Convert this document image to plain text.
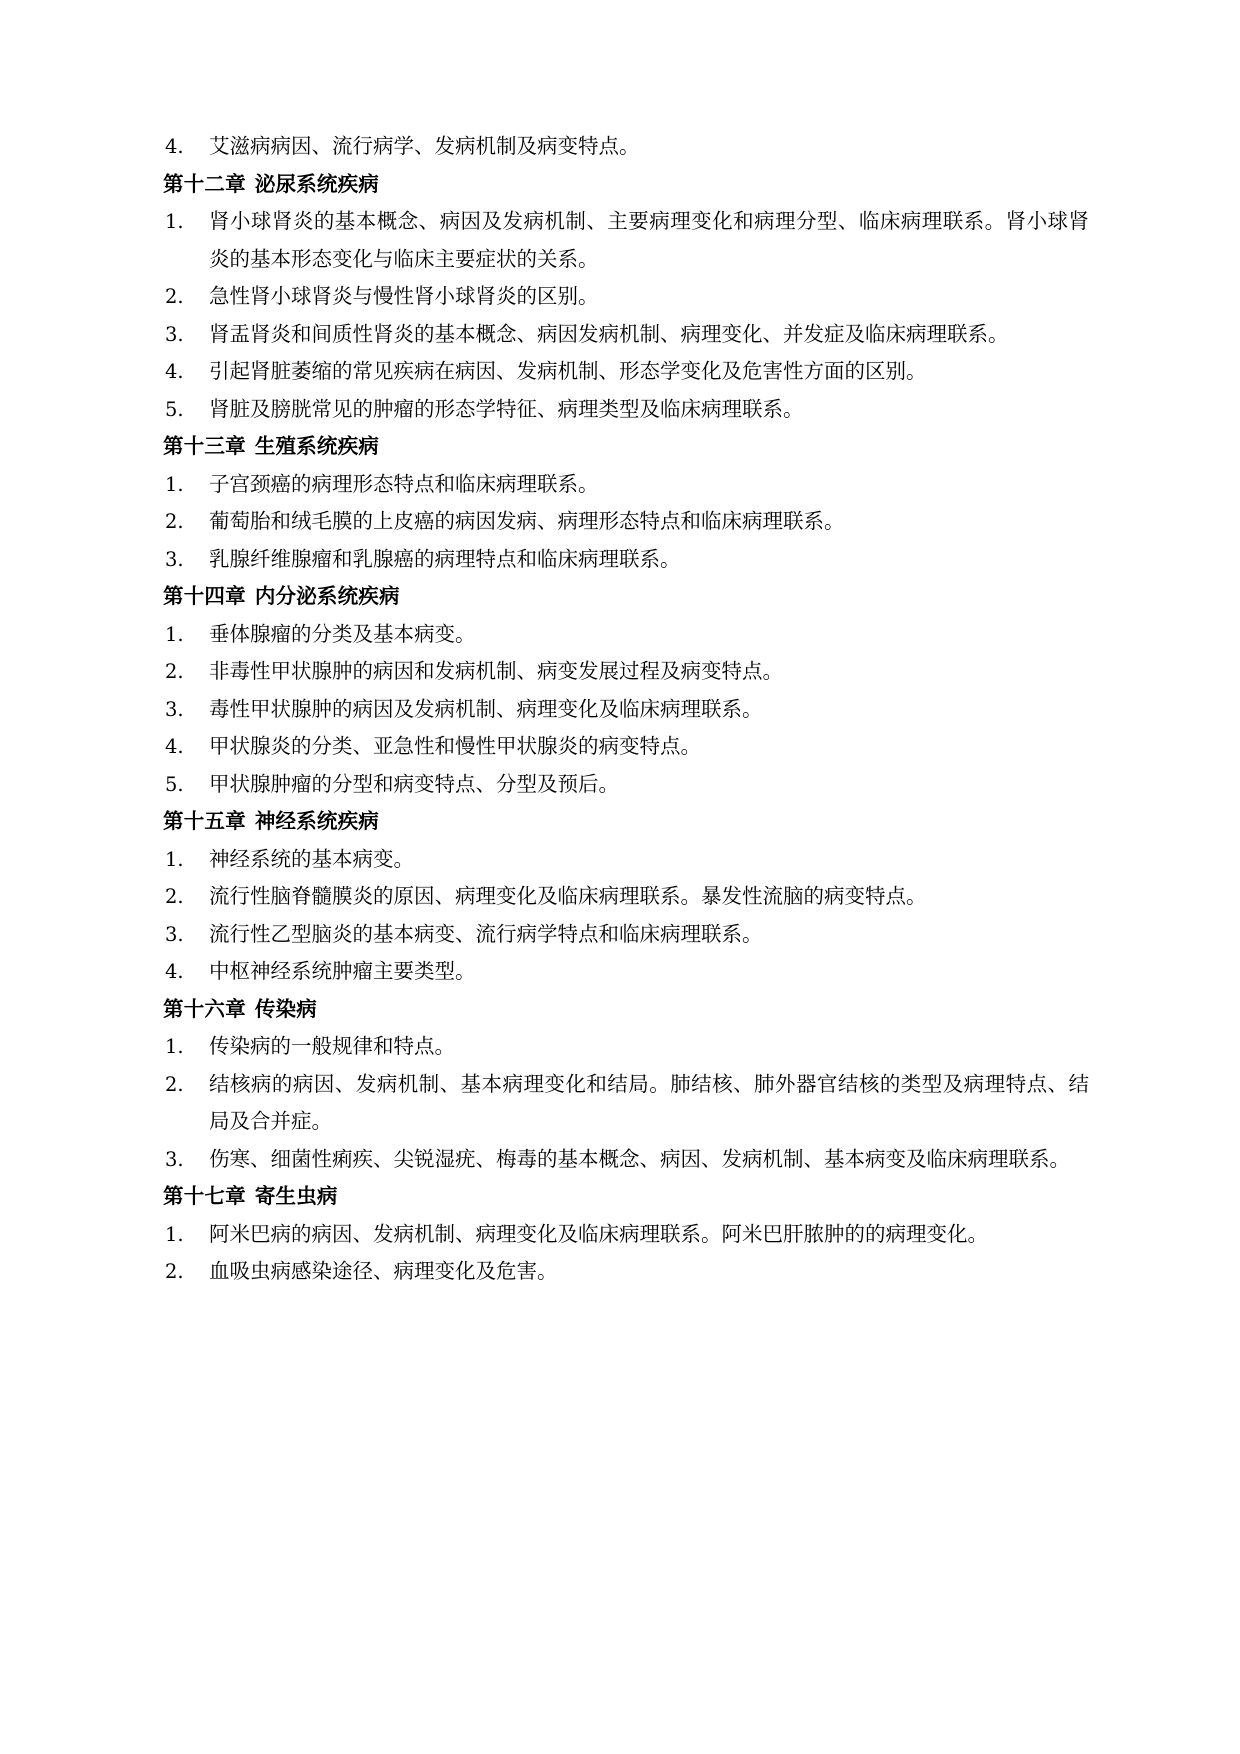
4. 艾滋病病因、流行病学、发病机制及病变特点。
第十二章 泌尿系统疾病
1. 肾小球肾炎的基本概念、病因及发病机制、主要病理变化和病理分型、临床病理联系。肾小球肾炎的基本形态变化与临床主要症状的关系。
2. 急性肾小球肾炎与慢性肾小球肾炎的区别。
3. 肾盂肾炎和间质性肾炎的基本概念、病因发病机制、病理变化、并发症及临床病理联系。
4. 引起肾脏萎缩的常见疾病在病因、发病机制、形态学变化及危害性方面的区别。
5. 肾脏及膀胱常见的肿瘤的形态学特征、病理类型及临床病理联系。
第十三章 生殖系统疾病
1. 子宫颈癌的病理形态特点和临床病理联系。
2. 葡萄胎和绒毛膜的上皮癌的病因发病、病理形态特点和临床病理联系。
3. 乳腺纤维腺瘤和乳腺癌的病理特点和临床病理联系。
第十四章 内分泌系统疾病
1. 垂体腺瘤的分类及基本病变。
2. 非毒性甲状腺肿的病因和发病机制、病变发展过程及病变特点。
3. 毒性甲状腺肿的病因及发病机制、病理变化及临床病理联系。
4. 甲状腺炎的分类、亚急性和慢性甲状腺炎的病变特点。
5. 甲状腺肿瘤的分型和病变特点、分型及预后。
第十五章 神经系统疾病
1. 神经系统的基本病变。
2. 流行性脑脊髓膜炎的原因、病理变化及临床病理联系。暴发性流脑的病变特点。
3. 流行性乙型脑炎的基本病变、流行病学特点和临床病理联系。
4. 中枢神经系统肿瘤主要类型。
第十六章 传染病
1. 传染病的一般规律和特点。
2. 结核病的病因、发病机制、基本病理变化和结局。肺结核、肺外器官结核的类型及病理特点、结局及合并症。
3. 伤寒、细菌性痢疾、尖锐湿疣、梅毒的基本概念、病因、发病机制、基本病变及临床病理联系。
第十七章 寄生虫病
1. 阿米巴病的病因、发病机制、病理变化及临床病理联系。阿米巴肝脓肿的的病理变化。
2. 血吸虫病感染途径、病理变化及危害。
